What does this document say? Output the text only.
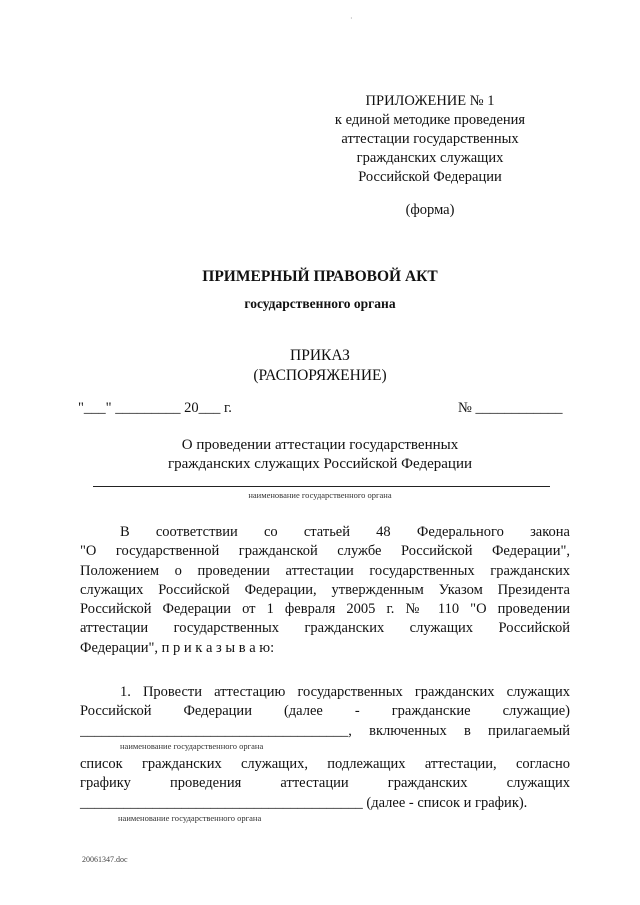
·
ПРИЛОЖЕНИЕ № 1
к единой методике проведения
аттестации государственных
гражданских служащих
Российской Федерации
(форма)
ПРИМЕРНЫЙ ПРАВОВОЙ АКТ
государственного органа
ПРИКАЗ
(РАСПОРЯЖЕНИЕ)
"___" _________ 20___ г.	№ ____________
О проведении аттестации государственных
гражданских служащих Российской Федерации
наименование государственного органа
В соответствии со статьей 48 Федерального закона
"О государственной гражданской службе Российской Федерации",
Положением о проведении аттестации государственных гражданских
служащих Российской Федерации, утвержденным Указом Президента
Российской Федерации от 1 февраля 2005 г. № 110 "О проведении
аттестации государственных гражданских служащих Российской
Федерации", п р и к а з ы в а ю:
1. Провести аттестацию государственных гражданских служащих
Российской Федерации (далее - гражданские служащие)
_____________________________________, включенных в прилагаемый
наименование государственного органа
список гражданских служащих, подлежащих аттестации, согласно
графику проведения аттестации гражданских служащих
_______________________________________ (далее - список и график).
наименование государственного органа
20061347.doc
